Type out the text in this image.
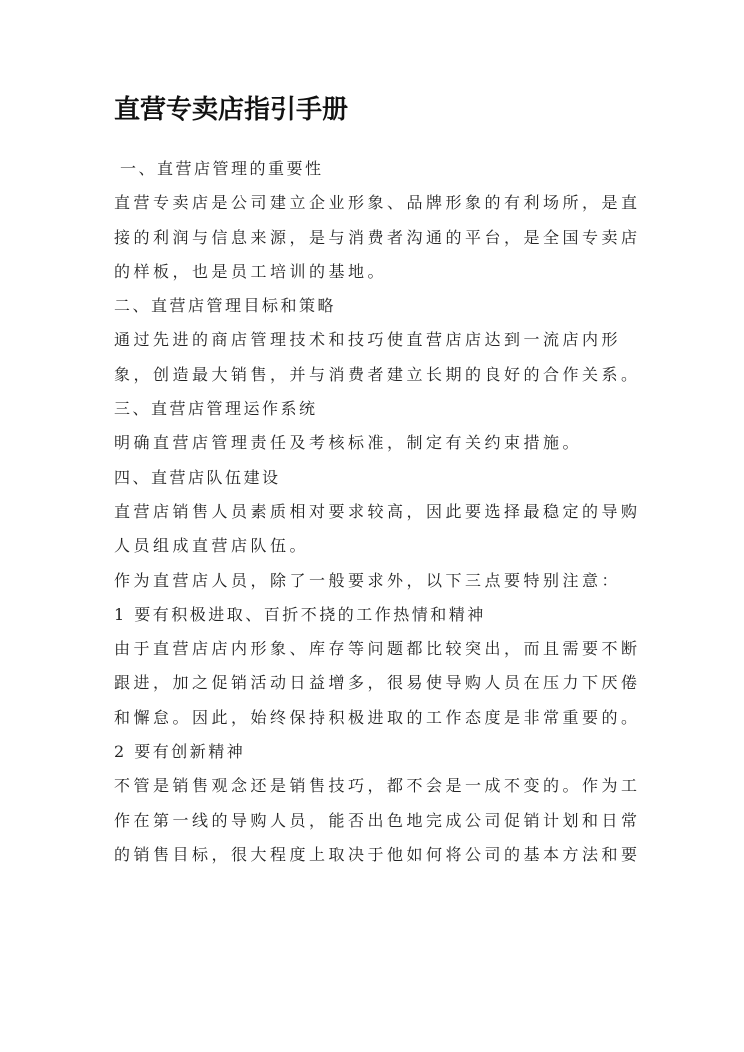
直营专卖店指引手册

一、直营店管理的重要性

直营专卖店是公司建立企业形象、品牌形象的有利场所，是直

接的利润与信息来源，是与消费者沟通的平台，是全国专卖店

的样板，也是员工培训的基地。

二、直营店管理目标和策略

通过先进的商店管理技术和技巧使直营店店达到一流店内形

象，创造最大销售，并与消费者建立长期的良好的合作关系。

三、直营店管理运作系统

明确直营店管理责任及考核标准，制定有关约束措施。

四、直营店队伍建设

直营店销售人员素质相对要求较高，因此要选择最稳定的导购

人员组成直营店队伍。

作为直营店人员，除了一般要求外，以下三点要特别注意：

1 要有积极进取、百折不挠的工作热情和精神

由于直营店店内形象、库存等问题都比较突出，而且需要不断

跟进，加之促销活动日益增多，很易使导购人员在压力下厌倦

和懈怠。因此，始终保持积极进取的工作态度是非常重要的。

2 要有创新精神

不管是销售观念还是销售技巧，都不会是一成不变的。作为工

作在第一线的导购人员，能否出色地完成公司促销计划和日常

的销售目标，很大程度上取决于他如何将公司的基本方法和要
